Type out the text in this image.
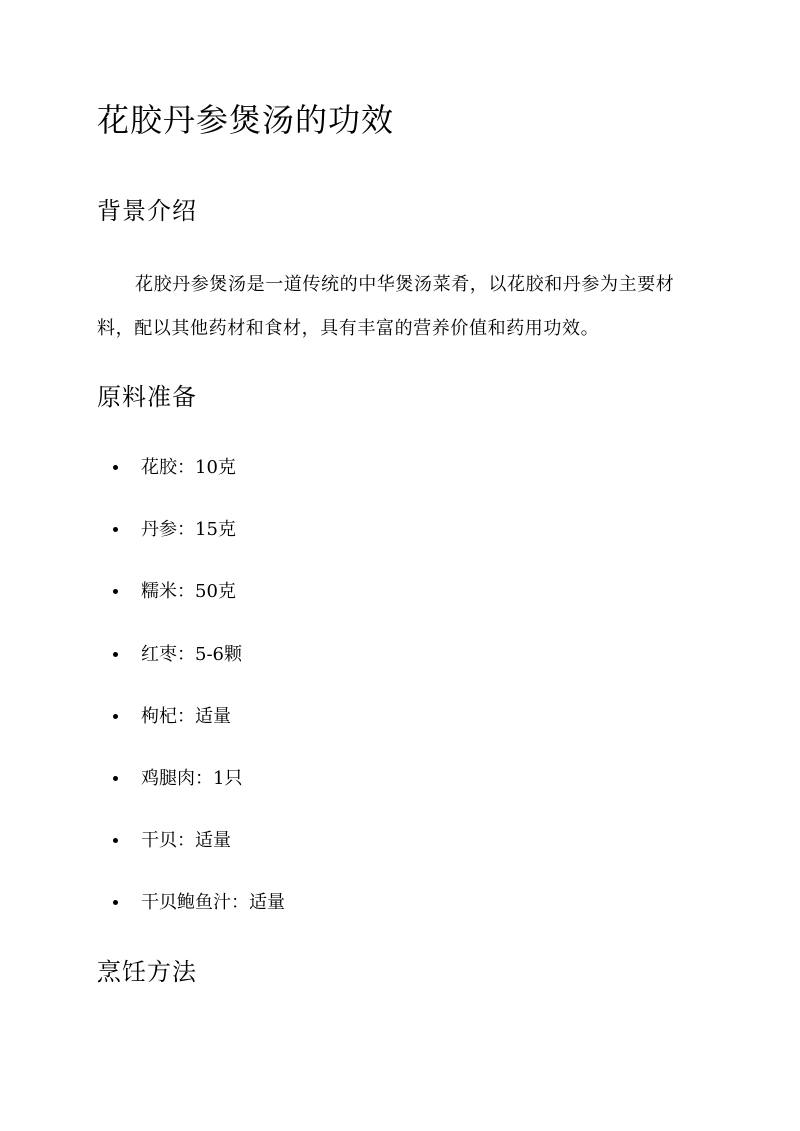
花胶丹参煲汤的功效
背景介绍

花胶丹参煲汤是一道传统的中华煲汤菜肴，以花胶和丹参为主要材料，配以其他药材和食材，具有丰富的营养价值和药用功效。

原料准备
花胶：10克
丹参：15克
糯米：50克
红枣：5-6颗
枸杞：适量
鸡腿肉：1只
干贝：适量
干贝鲍鱼汁：适量
烹饪方法
